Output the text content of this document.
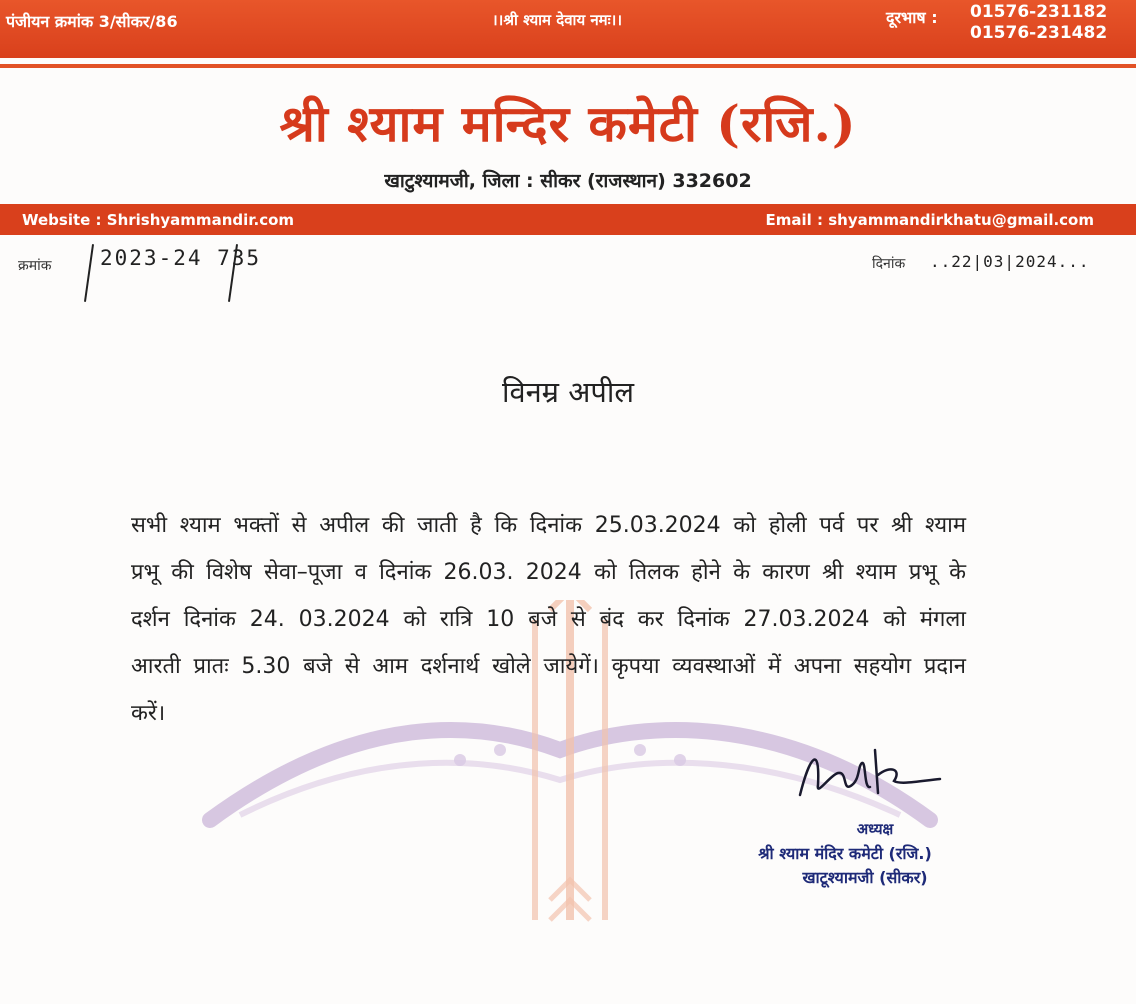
पंजीयन क्रमांक 3/सीकर/86	।।श्री श्याम देवाय नमः।।	दूरभाष : 01576-231182
01576-231482
श्री श्याम मन्दिर कमेटी (रजि.)
खाटुश्यामजी, जिला : सीकर (राजस्थान) 332602
Website : Shrishyammandir.com	Email : shyammandirkhatu@gmail.com
क्रमांक 2023-24 735	दिनांक ..22|03|2024...
विनम्र अपील
सभी श्याम भक्तों से अपील की जाती है कि दिनांक 25.03.2024 को होली पर्व पर श्री श्याम प्रभू की विशेष सेवा–पूजा व दिनांक 26.03. 2024 को तिलक होने के कारण श्री श्याम प्रभू के दर्शन दिनांक 24. 03.2024 को रात्रि 10 बजे से बंद कर दिनांक 27.03.2024 को मंगला आरती प्रातः 5.30 बजे से आम दर्शनार्थ खोले जायेगें। कृपया व्यवस्थाओं में अपना सहयोग प्रदान करें।
अध्यक्ष
श्री श्याम मंदिर कमेटी (रजि.)
खाटूश्यामजी (सीकर)
